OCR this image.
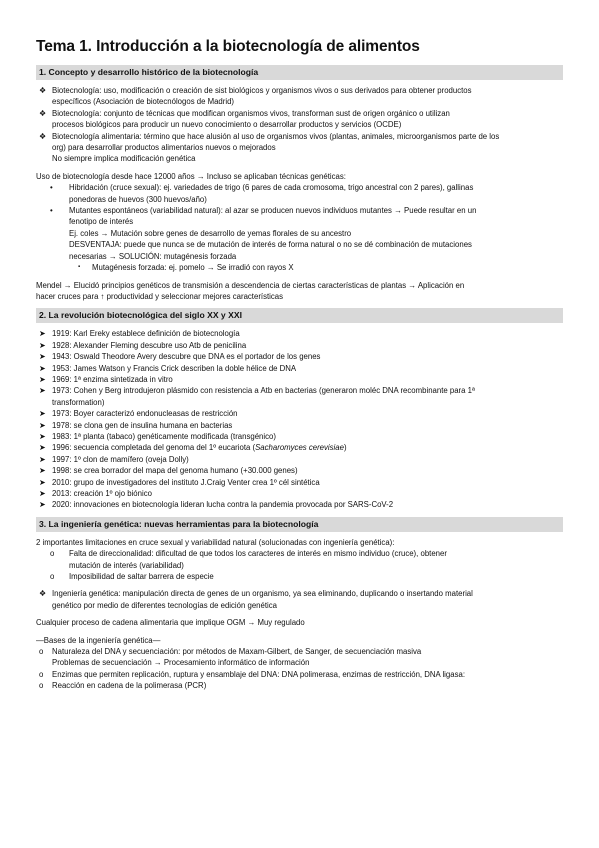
Tema 1. Introducción a la biotecnología de alimentos
1. Concepto y desarrollo histórico de la biotecnología
❖ Biotecnología: uso, modificación o creación de sist biológicos y organismos vivos o sus derivados para obtener productos
específicos (Asociación de biotecnólogos de Madrid)
❖ Biotecnología: conjunto de técnicas que modifican organismos vivos, transforman sust de origen orgánico o utilizan
procesos biológicos para producir un nuevo conocimiento o desarrollar productos y servicios (OCDE)
❖ Biotecnología alimentaria: término que hace alusión al uso de organismos vivos (plantas, animales, microorganismos parte de los
org) para desarrollar productos alimentarios nuevos o mejorados
No siempre implica modificación genética
Uso de biotecnología desde hace 12000 años → Incluso se aplicaban técnicas genéticas:
• Hibridación (cruce sexual): ej. variedades de trigo (6 pares de cada cromosoma, trigo ancestral con 2 pares), gallinas
ponedoras de huevos (300 huevos/año)
• Mutantes espontáneos (variabilidad natural): al azar se producen nuevos individuos mutantes → Puede resultar en un
fenotipo de interés
Ej. coles → Mutación sobre genes de desarrollo de yemas florales de su ancestro
DESVENTAJA: puede que nunca se de mutación de interés de forma natural o no se dé combinación de mutaciones
necesarias → SOLUCIÓN: mutagénesis forzada
▪ Mutagénesis forzada: ej. pomelo → Se irradió con rayos X
Mendel → Elucidó principios genéticos de transmisión a descendencia de ciertas características de plantas → Aplicación en
hacer cruces para ↑ productividad y seleccionar mejores características
2. La revolución biotecnológica del siglo XX y XXI
➤ 1919: Karl Ereky establece definición de biotecnología
➤ 1928: Alexander Fleming descubre uso Atb de penicilina
➤ 1943: Oswald Theodore Avery descubre que DNA es el portador de los genes
➤ 1953: James Watson y Francis Crick describen la doble hélice de DNA
➤ 1969: 1ª enzima sintetizada in vitro
➤ 1973: Cohen y Berg introdujeron plásmido con resistencia a Atb en bacterias (generaron moléc DNA recombinante para 1ª
transformation)
➤ 1973: Boyer caracterizó endonucleasas de restricción
➤ 1978: se clona gen de insulina humana en bacterias
➤ 1983: 1ª planta (tabaco) genéticamente modificada (transgénico)
➤ 1996: secuencia completada del genoma del 1º eucariota (Sacharomyces cerevisiae)
➤ 1997: 1º clon de mamífero (oveja Dolly)
➤ 1998: se crea borrador del mapa del genoma humano (+30.000 genes)
➤ 2010: grupo de investigadores del instituto J.Craig Venter crea 1º cél sintética
➤ 2013: creación 1º ojo biónico
➤ 2020: innovaciones en biotecnología lideran lucha contra la pandemia provocada por SARS-CoV-2
3. La ingeniería genética: nuevas herramientas para la biotecnología
2 importantes limitaciones en cruce sexual y variabilidad natural (solucionadas con ingeniería genética):
o Falta de direccionalidad: dificultad de que todos los caracteres de interés en mismo individuo (cruce), obtener
mutación de interés (variabilidad)
o Imposibilidad de saltar barrera de especie
❖ Ingeniería genética: manipulación directa de genes de un organismo, ya sea eliminando, duplicando o insertando material
genético por medio de diferentes tecnologías de edición genética
Cualquier proceso de cadena alimentaria que implique OGM → Muy regulado
—Bases de la ingeniería genética—
o Naturaleza del DNA y secuenciación: por métodos de Maxam-Gilbert, de Sanger, de secuenciación masiva
Problemas de secuenciación → Procesamiento informático de información
o Enzimas que permiten replicación, ruptura y ensamblaje del DNA: DNA polimerasa, enzimas de restricción, DNA ligasa:
o Reacción en cadena de la polimerasa (PCR)
